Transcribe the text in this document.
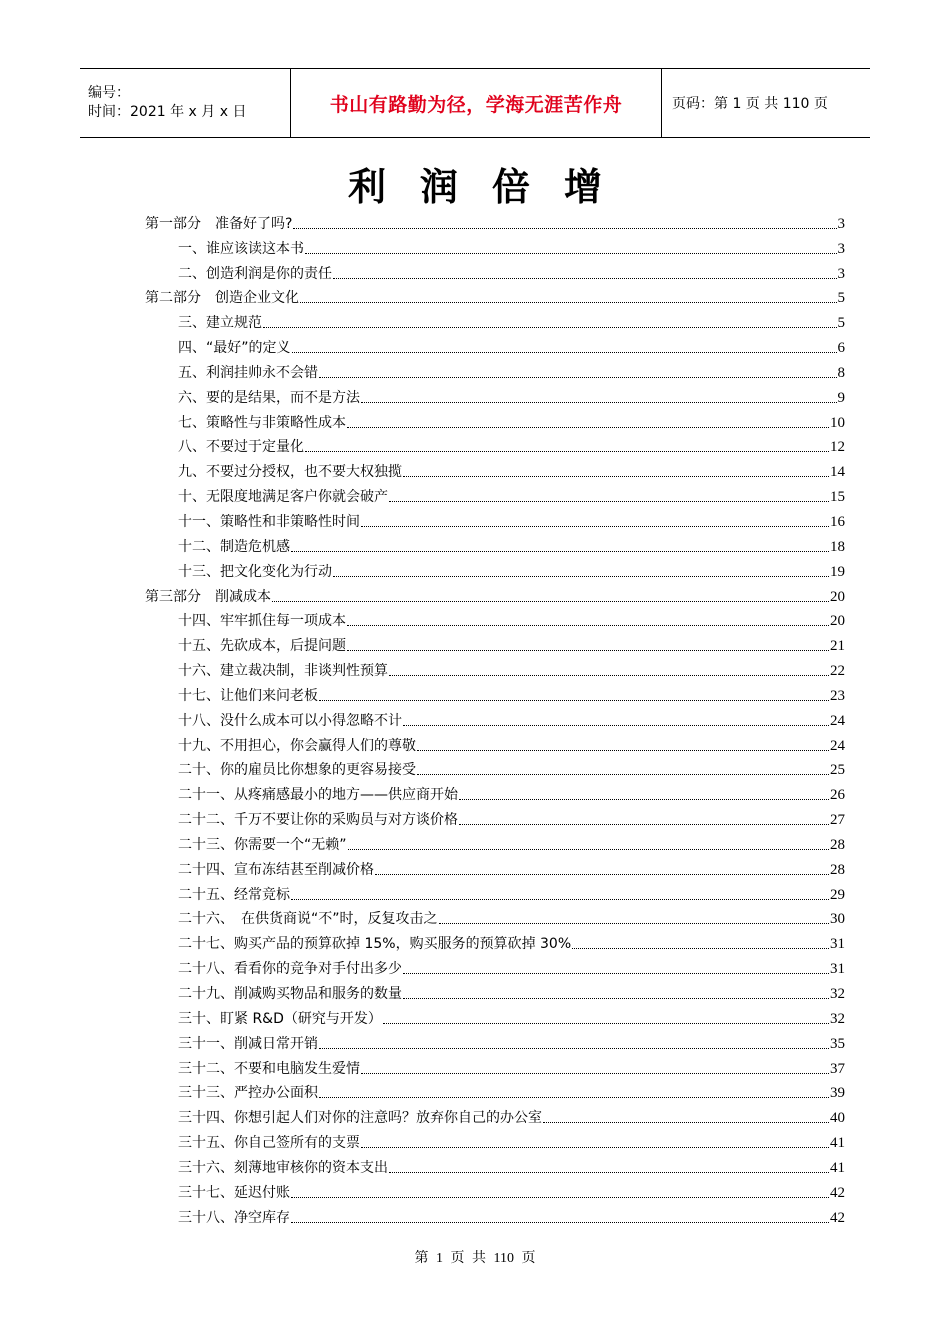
编号：
时间：2021 年 x 月 x 日	书山有路勤为径，学海无涯苦作舟	页码：第 1 页 共 110 页
利润倍增
第一部分　准备好了吗?	3
一、谁应该读这本书	3
二、创造利润是你的责任	3
第二部分　创造企业文化	5
三、建立规范	5
四、“最好”的定义	6
五、利润挂帅永不会错	8
六、要的是结果，而不是方法	9
七、策略性与非策略性成本	10
八、不要过于定量化	12
九、不要过分授权，也不要大权独揽	14
十、无限度地满足客户你就会破产	15
十一、策略性和非策略性时间	16
十二、制造危机感	18
十三、把文化变化为行动	19
第三部分　削减成本	20
十四、牢牢抓住每一项成本	20
十五、先砍成本，后提问题	21
十六、建立裁决制，非谈判性预算	22
十七、让他们来问老板	23
十八、没什么成本可以小得忽略不计	24
十九、不用担心，你会赢得人们的尊敬	24
二十、你的雇员比你想象的更容易接受	25
二十一、从疼痛感最小的地方——供应商开始	26
二十二、千万不要让你的采购员与对方谈价格	27
二十三、你需要一个“无赖”	28
二十四、宣布冻结甚至削减价格	28
二十五、经常竞标	29
二十六、　在供货商说“不”时，反复攻击之	30
二十七、购买产品的预算砍掉 15%，购买服务的预算砍掉 30%	31
二十八、看看你的竞争对手付出多少	31
二十九、削减购买物品和服务的数量	32
三十、盯紧 R&D（研究与开发）	32
三十一、削减日常开销	35
三十二、不要和电脑发生爱情	37
三十三、严控办公面积	39
三十四、你想引起人们对你的注意吗？放弃你自己的办公室	40
三十五、你自己签所有的支票	41
三十六、刻薄地审核你的资本支出	41
三十七、延迟付账	42
三十八、净空库存	42
第 1 页 共 110 页
